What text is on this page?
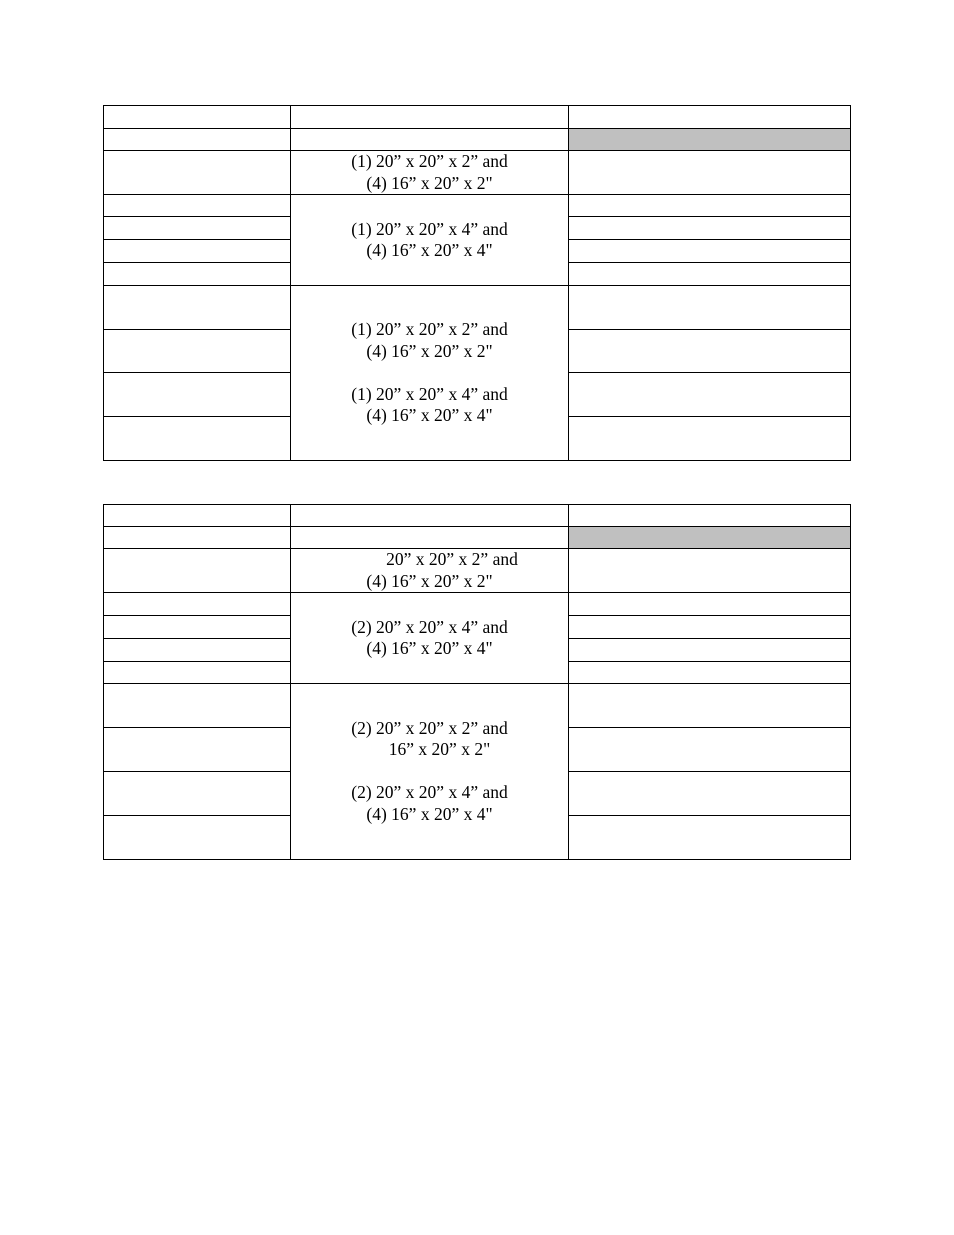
(1) 20” x 20” x 2” and
(4) 16” x 20” x 2"
(1) 20” x 20” x 4” and
(4) 16” x 20” x 4"
(1) 20” x 20” x 2” and
(4) 16” x 20” x 2"
(1) 20” x 20” x 4” and
(4) 16” x 20” x 4"
20” x 20” x 2” and
(4) 16” x 20” x 2"
(2) 20” x 20” x 4” and
(4) 16” x 20” x 4"
(2) 20” x 20” x 2” and
16” x 20” x 2"
(2) 20” x 20” x 4” and
(4) 16” x 20” x 4"
